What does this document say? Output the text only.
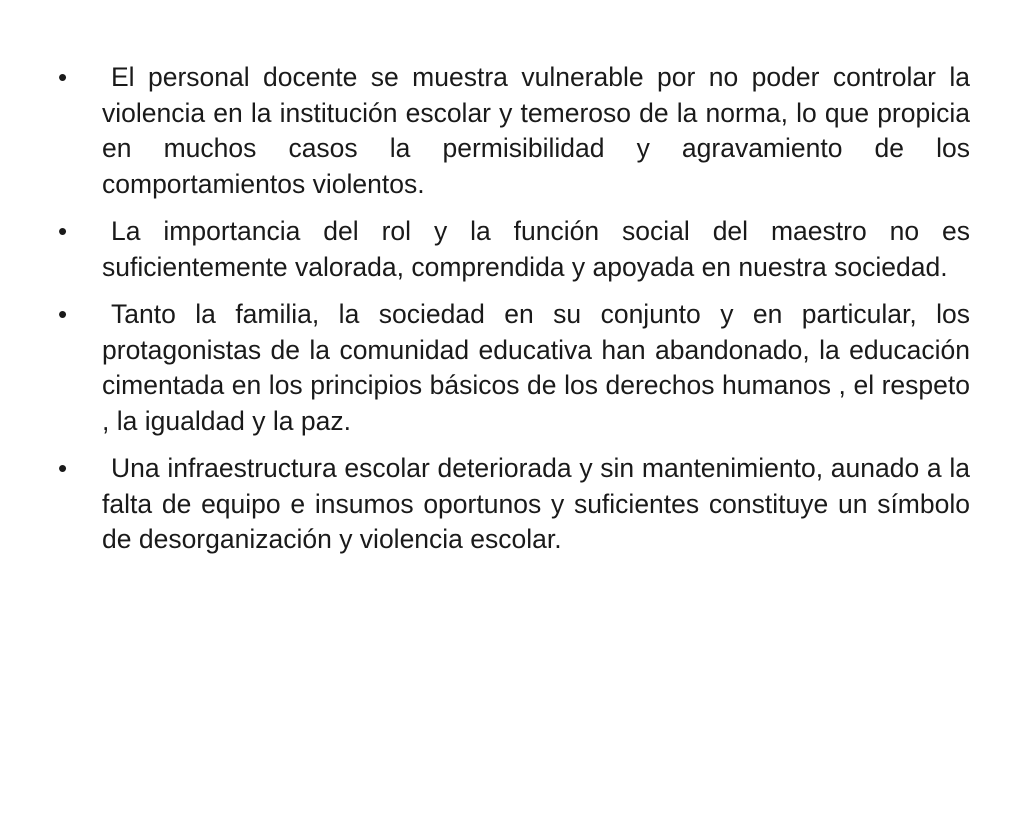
•	El personal docente se muestra vulnerable por no poder controlar la violencia en la institución escolar y temeroso de la norma, lo que propicia en muchos casos la permisibilidad y agravamiento de los comportamientos violentos.
•	La importancia del rol y la función social del maestro no es suficientemente valorada, comprendida y apoyada en nuestra sociedad.
•	Tanto la familia, la sociedad en su conjunto y en particular, los protagonistas de la comunidad educativa han abandonado, la educación cimentada en los principios básicos de los derechos humanos , el respeto , la igualdad y la paz.
•	Una infraestructura escolar deteriorada y sin mantenimiento, aunado a la falta de equipo e insumos oportunos y suficientes constituye un símbolo de desorganización y violencia escolar.
